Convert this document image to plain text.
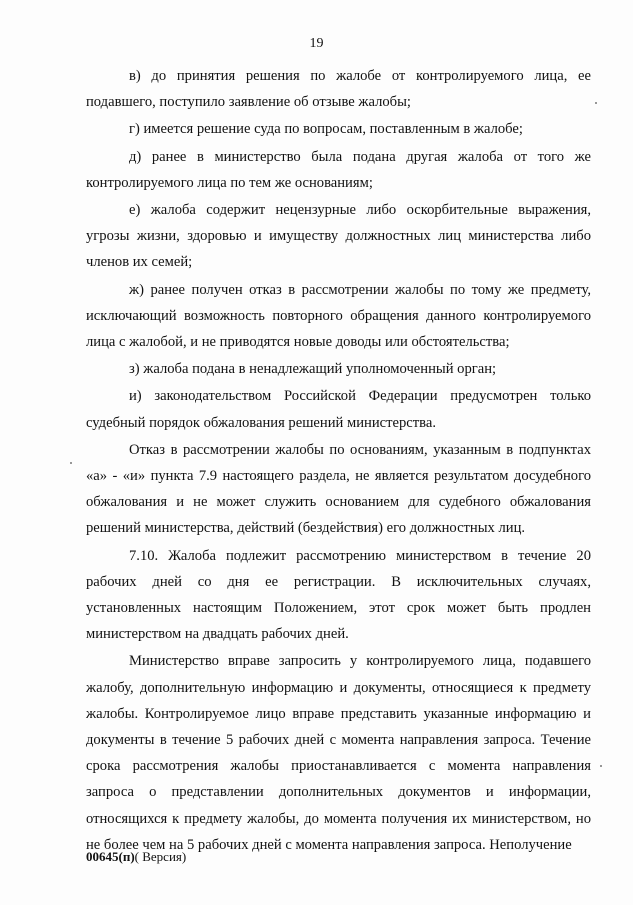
19

в) до принятия решения по жалобе от контролируемого лица, ее подавшего, поступило заявление об отзыве жалобы;

г) имеется решение суда по вопросам, поставленным в жалобе;

д) ранее в министерство была подана другая жалоба от того же контролируемого лица по тем же основаниям;

е) жалоба содержит нецензурные либо оскорбительные выражения, угрозы жизни, здоровью и имуществу должностных лиц министерства либо членов их семей;

ж) ранее получен отказ в рассмотрении жалобы по тому же предмету, исключающий возможность повторного обращения данного контролируемого лица с жалобой, и не приводятся новые доводы или обстоятельства;

з) жалоба подана в ненадлежащий уполномоченный орган;

и) законодательством Российской Федерации предусмотрен только судебный порядок обжалования решений министерства.

Отказ в рассмотрении жалобы по основаниям, указанным в подпунктах «а» - «и» пункта 7.9 настоящего раздела, не является результатом досудебного обжалования и не может служить основанием для судебного обжалования решений министерства, действий (бездействия) его должностных лиц.

7.10. Жалоба подлежит рассмотрению министерством в течение 20 рабочих дней со дня ее регистрации. В исключительных случаях, установленных настоящим Положением, этот срок может быть продлен министерством на двадцать рабочих дней.

Министерство вправе запросить у контролируемого лица, подавшего жалобу, дополнительную информацию и документы, относящиеся к предмету жалобы. Контролируемое лицо вправе представить указанные информацию и документы в течение 5 рабочих дней с момента направления запроса. Течение срока рассмотрения жалобы приостанавливается с момента направления запроса о представлении дополнительных документов и информации, относящихся к предмету жалобы, до момента получения их министерством, но не более чем на 5 рабочих дней с момента направления запроса. Неполучение

00645(п)( Версия)
